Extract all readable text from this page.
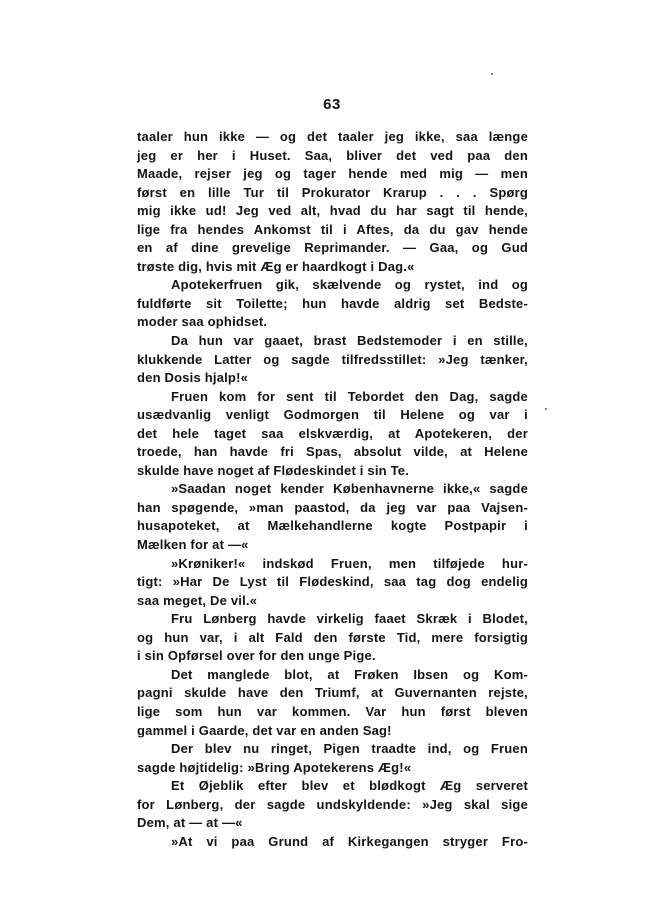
63
taaler hun ikke — og det taaler jeg ikke, saa længe
jeg er her i Huset. Saa, bliver det ved paa den
Maade, rejser jeg og tager hende med mig — men
først en lille Tur til Prokurator Krarup . . . Spørg
mig ikke ud! Jeg ved alt, hvad du har sagt til hende,
lige fra hendes Ankomst til i Aftes, da du gav hende
en af dine grevelige Reprimander. — Gaa, og Gud
trøste dig, hvis mit Æg er haardkogt i Dag.«
Apotekerfruen gik, skælvende og rystet, ind og
fuldførte sit Toilette; hun havde aldrig set Bedste-
moder saa ophidset.
Da hun var gaaet, brast Bedstemoder i en stille,
klukkende Latter og sagde tilfredsstillet: »Jeg tænker,
den Dosis hjalp!«
Fruen kom for sent til Tebordet den Dag, sagde
usædvanlig venligt Godmorgen til Helene og var i
det hele taget saa elskværdig, at Apotekeren, der
troede, han havde fri Spas, absolut vilde, at Helene
skulde have noget af Flødeskindet i sin Te.
»Saadan noget kender Københavnerne ikke,« sagde
han spøgende, »man paastod, da jeg var paa Vajsen-
husapoteket, at Mælkehandlerne kogte Postpapir i
Mælken for at —«
»Krøniker!« indskød Fruen, men tilføjede hur-
tigt: »Har De Lyst til Flødeskind, saa tag dog endelig
saa meget, De vil.«
Fru Lønberg havde virkelig faaet Skræk i Blodet,
og hun var, i alt Fald den første Tid, mere forsigtig
i sin Opførsel over for den unge Pige.
Det manglede blot, at Frøken Ibsen og Kom-
pagni skulde have den Triumf, at Guvernanten rejste,
lige som hun var kommen. Var hun først bleven
gammel i Gaarde, det var en anden Sag!
Der blev nu ringet, Pigen traadte ind, og Fruen
sagde højtidelig: »Bring Apotekerens Æg!«
Et Øjeblik efter blev et blødkogt Æg serveret
for Lønberg, der sagde undskyldende: »Jeg skal sige
Dem, at — at —«
»At vi paa Grund af Kirkegangen stryger Fro-
